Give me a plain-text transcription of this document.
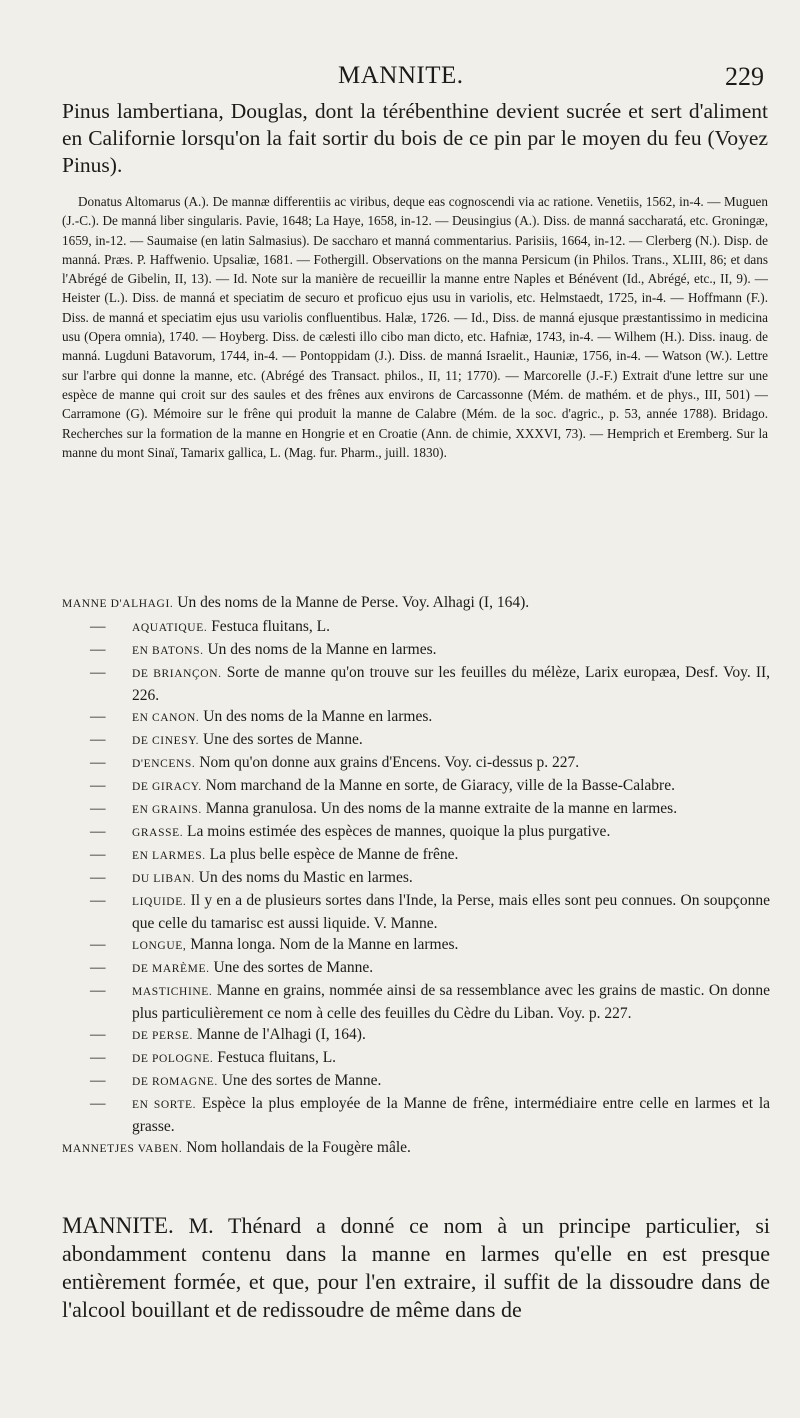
MANNITE.	229
Pinus lambertiana, Douglas, dont la térébenthine devient sucrée et sert d'aliment en Californie lorsqu'on la fait sortir du bois de ce pin par le moyen du feu (Voyez Pinus).

Donatus Altomarus (A.). De mannæ differentiis ac viribus, deque eas cognoscendi via ac ratione. Venetiis, 1562, in-4. — Muguen (J.-C.). De manná liber singularis. Pavie, 1648; La Haye, 1658, in-12. — Deusingius (A.). Diss. de manná saccharatá, etc. Groningæ, 1659, in-12. — Saumaise (en latin Salmasius). De saccharo et manná commentarius. Parisiis, 1664, in-12. — Clerberg (N.). Disp. de manná. Præs. P. Haffwenio. Upsaliæ, 1681. — Fothergill. Observations on the manna Persicum (in Philos. Trans., XLIII, 86; et dans l'Abrégé de Gibelin, II, 13). — Id. Note sur la manière de recueillir la manne entre Naples et Bénévent (Id., Abrégé, etc., II, 9). — Heister (L.). Diss. de manná et speciatim de securo et proficuo ejus usu in variolis, etc. Helmstaedt, 1725, in-4. — Hoffmann (F.). Diss. de manná et speciatim ejus usu variolis confluentibus. Halæ, 1726. — Id., Diss. de manná ejusque præstantissimo in medicina usu (Opera omnia), 1740. — Hoyberg. Diss. de cælesti illo cibo man dicto, etc. Hafniæ, 1743, in-4. — Wilhem (H.). Diss. inaug. de manná. Lugduni Batavorum, 1744, in-4. — Pontoppidam (J.). Diss. de manná Israelit., Hauniæ, 1756, in-4. — Watson (W.). Lettre sur l'arbre qui donne la manne, etc. (Abrégé des Transact. philos., II, 11; 1770). — Marcorelle (J.-F.) Extrait d'une lettre sur une espèce de manne qui croit sur des saules et des frênes aux environs de Carcassonne (Mém. de mathém. et de phys., III, 501) — Carramone (G). Mémoire sur le frêne qui produit la manne de Calabre (Mém. de la soc. d'agric., p. 53, année 1788). Bridago. Recherches sur la formation de la manne en Hongrie et en Croatie (Ann. de chimie, XXXVI, 73). — Hemprich et Eremberg. Sur la manne du mont Sinaï, Tamarix gallica, L. (Mag. fur. Pharm., juill. 1830).

MANNE D'ALHAGI. Un des noms de la Manne de Perse. Voy. Alhagi (I, 164).
—	AQUATIQUE. Festuca fluitans, L.
—	EN BATONS. Un des noms de la Manne en larmes.
—	DE BRIANÇON. Sorte de manne qu'on trouve sur les feuilles du mélèze, Larix europæa, Desf. Voy. II, 226.
—	EN CANON. Un des noms de la Manne en larmes.
—	DE CINESY. Une des sortes de Manne.
—	D'ENCENS. Nom qu'on donne aux grains d'Encens. Voy. ci-dessus p. 227.
—	DE GIRACY. Nom marchand de la Manne en sorte, de Giaracy, ville de la Basse-Calabre.
—	EN GRAINS. Manna granulosa. Un des noms de la manne extraite de la manne en larmes.
—	GRASSE. La moins estimée des espèces de mannes, quoique la plus purgative.
—	EN LARMES. La plus belle espèce de Manne de frêne.
—	DU LIBAN. Un des noms du Mastic en larmes.
—	LIQUIDE. Il y en a de plusieurs sortes dans l'Inde, la Perse, mais elles sont peu connues. On soupçonne que celle du tamarisc est aussi liquide. V. Manne.
—	LONGUE, Manna longa. Nom de la Manne en larmes.
—	DE MARÈME. Une des sortes de Manne.
—	MASTICHINE. Manne en grains, nommée ainsi de sa ressemblance avec les grains de mastic. On donne plus particulièrement ce nom à celle des feuilles du Cèdre du Liban. Voy. p. 227.
—	DE PERSE. Manne de l'Alhagi (I, 164).
—	DE POLOGNE. Festuca fluitans, L.
—	DE ROMAGNE. Une des sortes de Manne.
—	EN SORTE. Espèce la plus employée de la Manne de frêne, intermédiaire entre celle en larmes et la grasse.
MANNETJES VABEN. Nom hollandais de la Fougère mâle.
MANNITE. M. Thénard a donné ce nom à un principe particulier, si abondamment contenu dans la manne en larmes qu'elle en est presque entièrement formée, et que, pour l'en extraire, il suffit de la dissoudre dans de l'alcool bouillant et de redissoudre de même dans de
